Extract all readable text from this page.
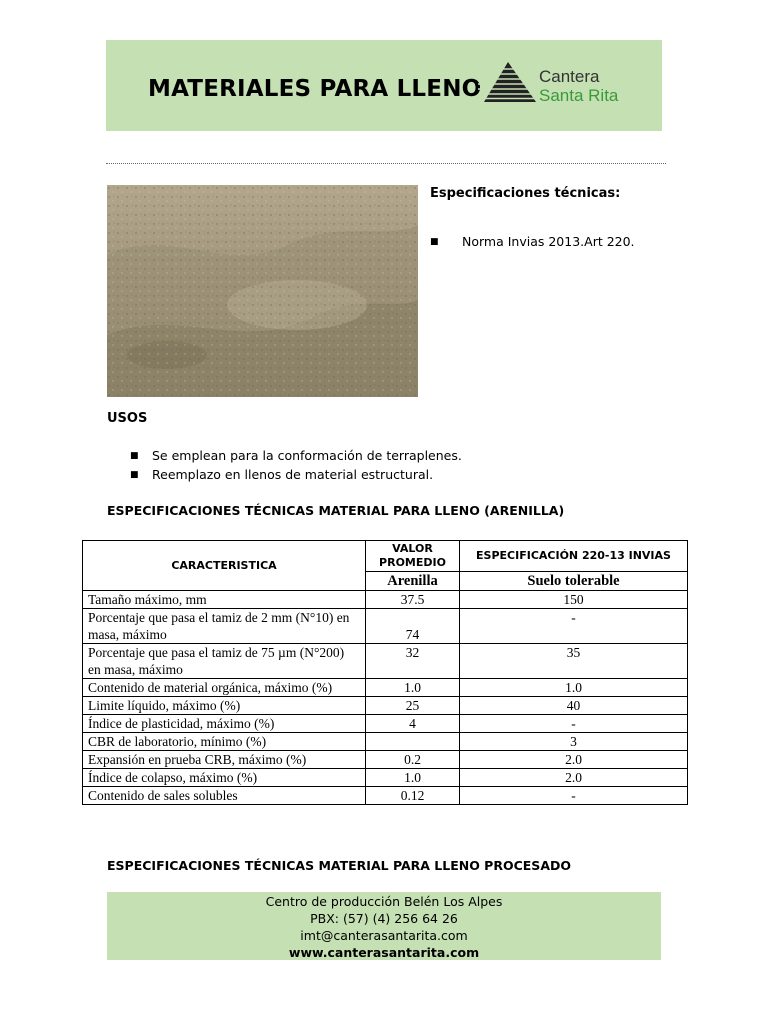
MATERIALES PARA LLENO	Cantera
Santa Rita
Especificaciones técnicas:
■ Norma Invias 2013.Art 220.
USOS
■ Se emplean para la conformación de terraplenes.
■ Reemplazo en llenos de material estructural.
ESPECIFICACIONES TÉCNICAS MATERIAL PARA LLENO (ARENILLA)
CARACTERISTICA	VALOR PROMEDIO	ESPECIFICACIÓN 220-13 INVIAS
	Arenilla	Suelo tolerable
Tamaño máximo, mm	37.5	150
Porcentaje que pasa el tamiz de 2 mm (N°10) en masa, máximo	74	-
Porcentaje que pasa el tamiz de 75 µm (N°200) en masa, máximo	32	35
Contenido de material orgánica, máximo (%)	1.0	1.0
Limite líquido, máximo (%)	25	40
Índice de plasticidad, máximo (%)	4	-
CBR de laboratorio, mínimo (%)		3
Expansión en prueba CRB, máximo (%)	0.2	2.0
Índice de colapso, máximo (%)	1.0	2.0
Contenido de sales solubles	0.12	-
ESPECIFICACIONES TÉCNICAS MATERIAL PARA LLENO PROCESADO
Centro de producción Belén Los Alpes
PBX: (57) (4) 256 64 26
imt@canterasantarita.com
www.canterasantarita.com
